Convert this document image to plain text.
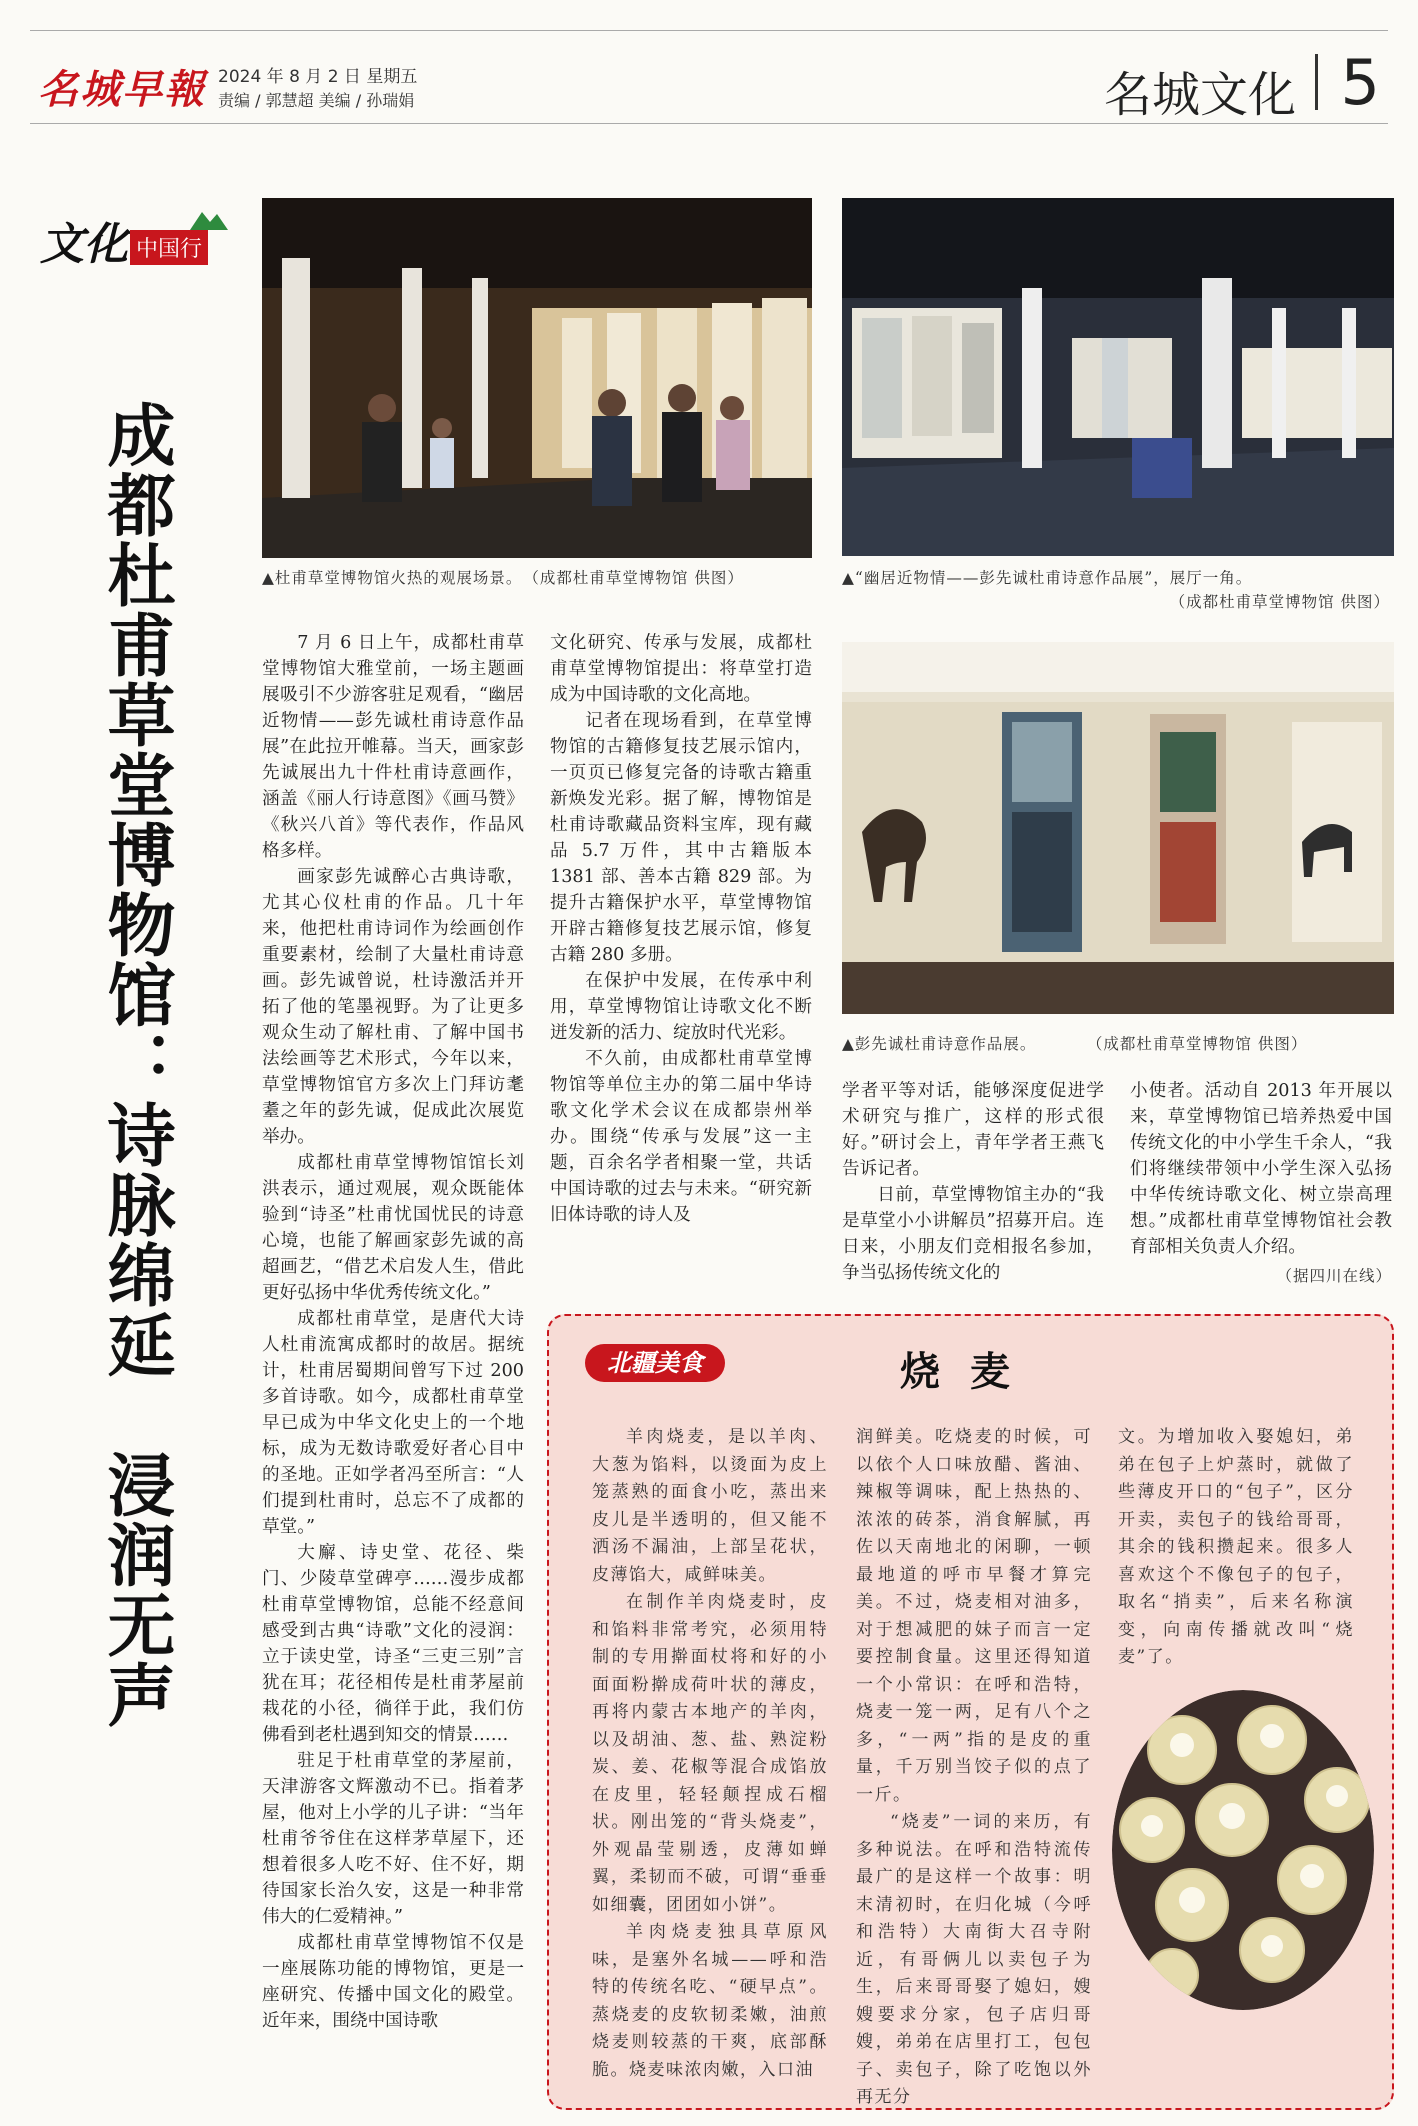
名城早報 2024 年 8 月 2 日 星期五
责编 / 郭慧超 美编 / 孙瑞娟	名城文化 5
文化 中国行
成都杜甫草堂博物馆：诗脉绵延　浸润无声	▲杜甫草堂博物馆火热的观展场景。　（成都杜甫草堂博物馆 供图）	▲“幽居近物情——彭先诚杜甫诗意作品展”，展厅一角。
（成都杜甫草堂博物馆 供图）
▲彭先诚杜甫诗意作品展。　　　　（成都杜甫草堂博物馆 供图）

7 月 6 日上午，成都杜甫草堂博物馆大雅堂前，一场主题画展吸引不少游客驻足观看，“幽居近物情——彭先诚杜甫诗意作品展”在此拉开帷幕。当天，画家彭先诚展出九十件杜甫诗意画作，涵盖《丽人行诗意图》《画马赞》《秋兴八首》等代表作，作品风格多样。

画家彭先诚醉心古典诗歌，尤其心仪杜甫的作品。几十年来，他把杜甫诗词作为绘画创作重要素材，绘制了大量杜甫诗意画。彭先诚曾说，杜诗激活并开拓了他的笔墨视野。为了让更多观众生动了解杜甫、了解中国书法绘画等艺术形式，今年以来，草堂博物馆官方多次上门拜访耄耋之年的彭先诚，促成此次展览举办。

成都杜甫草堂博物馆馆长刘洪表示，通过观展，观众既能体验到“诗圣”杜甫忧国忧民的诗意心境，也能了解画家彭先诚的高超画艺，“借艺术启发人生，借此更好弘扬中华优秀传统文化。”

成都杜甫草堂，是唐代大诗人杜甫流寓成都时的故居。据统计，杜甫居蜀期间曾写下过 200 多首诗歌。如今，成都杜甫草堂早已成为中华文化史上的一个地标，成为无数诗歌爱好者心目中的圣地。正如学者冯至所言：“人们提到杜甫时，总忘不了成都的草堂。”

大廨、诗史堂、花径、柴门、少陵草堂碑亭……漫步成都杜甫草堂博物馆，总能不经意间感受到古典“诗歌”文化的浸润：立于读史堂，诗圣“三吏三别”言犹在耳；花径相传是杜甫茅屋前栽花的小径，徜徉于此，我们仿佛看到老杜遇到知交的情景……

驻足于杜甫草堂的茅屋前，天津游客文辉激动不已。指着茅屋，他对上小学的儿子讲：“当年杜甫爷爷住在这样茅草屋下，还想着很多人吃不好、住不好，期待国家长治久安，这是一种非常伟大的仁爱精神。”

成都杜甫草堂博物馆不仅是一座展陈功能的博物馆，更是一座研究、传播中国文化的殿堂。近年来，围绕中国诗歌

文化研究、传承与发展，成都杜甫草堂博物馆提出：将草堂打造成为中国诗歌的文化高地。

记者在现场看到，在草堂博物馆的古籍修复技艺展示馆内，一页页已修复完备的诗歌古籍重新焕发光彩。据了解，博物馆是杜甫诗歌藏品资料宝库，现有藏品 5.7 万件，其中古籍版本 1381 部、善本古籍 829 部。为提升古籍保护水平，草堂博物馆开辟古籍修复技艺展示馆，修复古籍 280 多册。

在保护中发展，在传承中利用，草堂博物馆让诗歌文化不断迸发新的活力、绽放时代光彩。

不久前，由成都杜甫草堂博物馆等单位主办的第二届中华诗歌文化学术会议在成都崇州举办。围绕“传承与发展”这一主题，百余名学者相聚一堂，共话中国诗歌的过去与未来。“研究新旧体诗歌的诗人及

学者平等对话，能够深度促进学术研究与推广，这样的形式很好。”研讨会上，青年学者王燕飞告诉记者。

日前，草堂博物馆主办的“我是草堂小小讲解员”招募开启。连日来，小朋友们竞相报名参加，争当弘扬传统文化的

小使者。活动自 2013 年开展以来，草堂博物馆已培养热爱中国传统文化的中小学生千余人，“我们将继续带领中小学生深入弘扬中华传统诗歌文化、树立崇高理想。”成都杜甫草堂博物馆社会教育部相关负责人介绍。

（据四川在线）
北疆美食	烧麦

羊肉烧麦，是以羊肉、大葱为馅料，以烫面为皮上笼蒸熟的面食小吃，蒸出来皮儿是半透明的，但又能不洒汤不漏油，上部呈花状，皮薄馅大，咸鲜味美。

在制作羊肉烧麦时，皮和馅料非常考究，必须用特制的专用擀面杖将和好的小面面粉擀成荷叶状的薄皮，再将内蒙古本地产的羊肉，以及胡油、葱、盐、熟淀粉炭、姜、花椒等混合成馅放在皮里，轻轻颠捏成石榴状。刚出笼的“背头烧麦”，外观晶莹剔透，皮薄如蝉翼，柔韧而不破，可谓“垂垂如细囊，团团如小饼”。

羊肉烧麦独具草原风味，是塞外名城——呼和浩特的传统名吃、“硬早点”。蒸烧麦的皮软韧柔嫩，油煎烧麦则较蒸的干爽，底部酥脆。烧麦味浓肉嫩，入口油

润鲜美。吃烧麦的时候，可以依个人口味放醋、酱油、辣椒等调味，配上热热的、浓浓的砖茶，消食解腻，再佐以天南地北的闲聊，一顿最地道的呼市早餐才算完美。不过，烧麦相对油多，对于想减肥的妹子而言一定要控制食量。这里还得知道一个小常识：在呼和浩特，烧麦一笼一两，足有八个之多，“一两”指的是皮的重量，千万别当饺子似的点了一斤。

“烧麦”一词的来历，有多种说法。在呼和浩特流传最广的是这样一个故事：明末清初时，在归化城（今呼和浩特）大南街大召寺附近，有哥俩儿以卖包子为生，后来哥哥娶了媳妇，嫂嫂要求分家，包子店归哥嫂，弟弟在店里打工，包包子、卖包子，除了吃饱以外再无分

文。为增加收入娶媳妇，弟弟在包子上炉蒸时，就做了些薄皮开口的“包子”，区分开卖，卖包子的钱给哥哥，其余的钱积攒起来。很多人喜欢这个不像包子的包子，取名“捎卖”，后来名称演变，向南传播就改叫“烧麦”了。
